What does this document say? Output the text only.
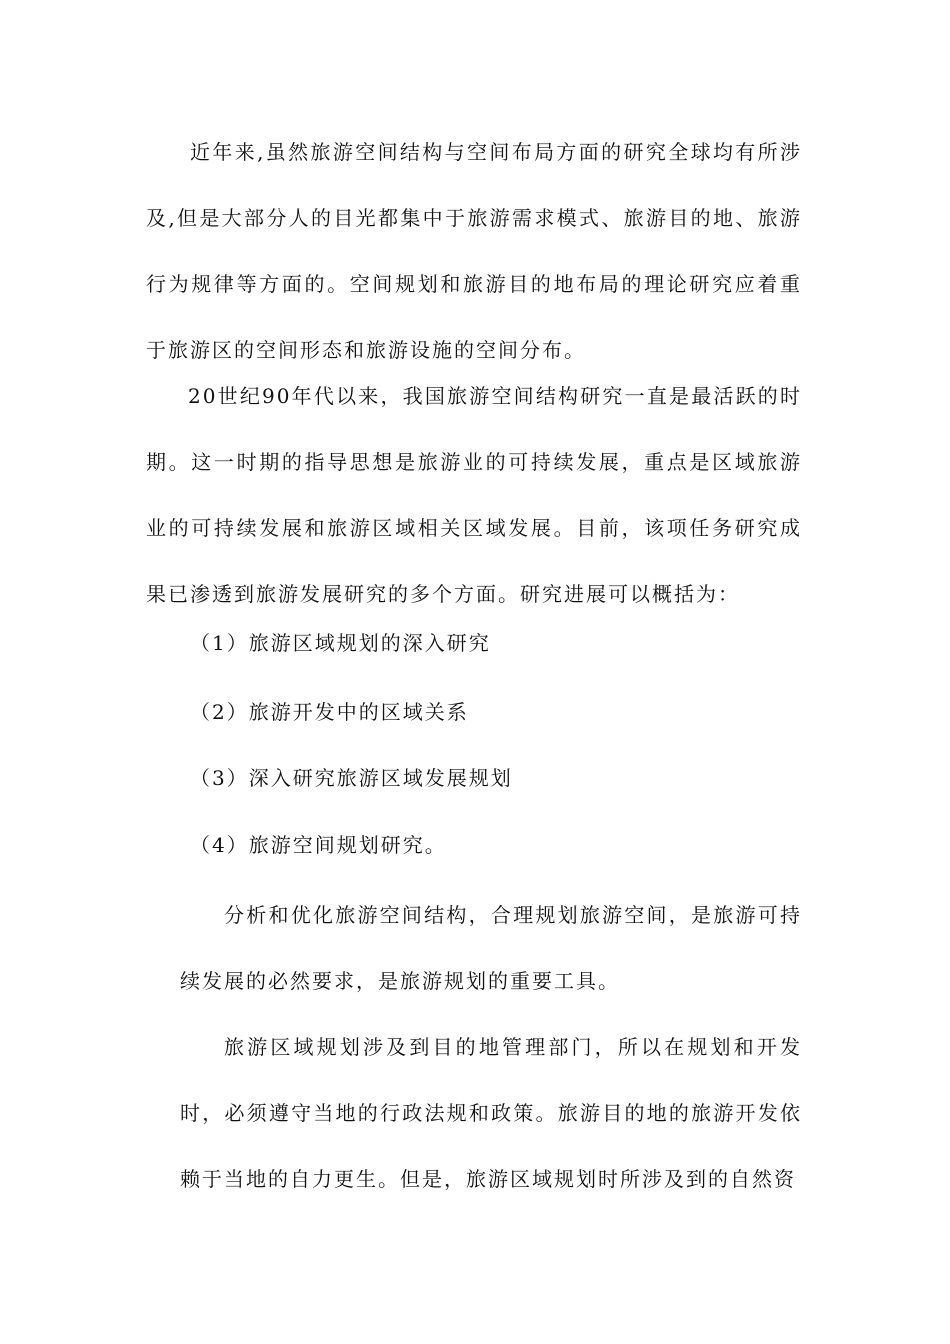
近年来,虽然旅游空间结构与空间布局方面的研究全球均有所涉及,但是大部分人的目光都集中于旅游需求模式、旅游目的地、旅游行为规律等方面的。空间规划和旅游目的地布局的理论研究应着重于旅游区的空间形态和旅游设施的空间分布。

20世纪90年代以来，我国旅游空间结构研究一直是最活跃的时期。这一时期的指导思想是旅游业的可持续发展，重点是区域旅游业的可持续发展和旅游区域相关区域发展。目前，该项任务研究成果已渗透到旅游发展研究的多个方面。研究进展可以概括为：

（1）旅游区域规划的深入研究

（2）旅游开发中的区域关系

（3）深入研究旅游区域发展规划

（4）旅游空间规划研究。

分析和优化旅游空间结构，合理规划旅游空间，是旅游可持续发展的必然要求，是旅游规划的重要工具。

旅游区域规划涉及到目的地管理部门，所以在规划和开发时，必须遵守当地的行政法规和政策。旅游目的地的旅游开发依赖于当地的自力更生。但是，旅游区域规划时所涉及到的自然资
